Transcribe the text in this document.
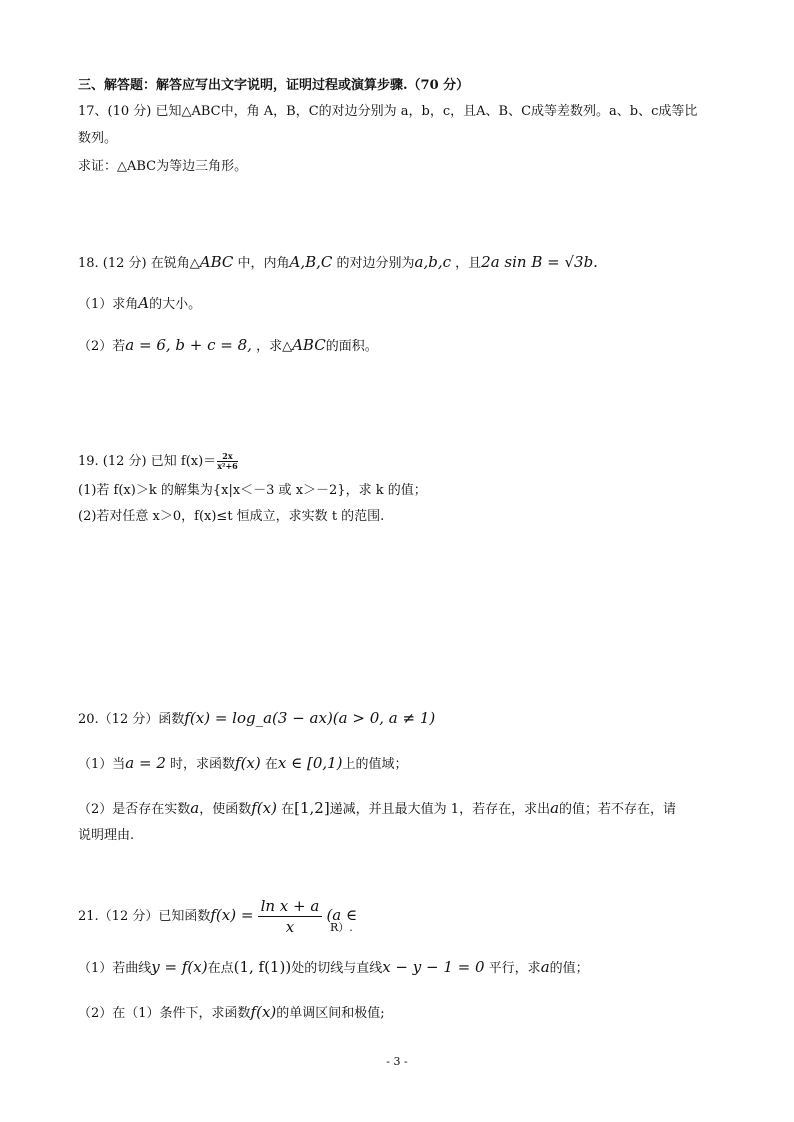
三、解答题：解答应写出文字说明，证明过程或演算步骤.（70 分）
17、(10 分) 已知△ABC中，角 A，B，C的对边分别为 a，b，c，且A、B、C成等差数列。a、b、c成等比
数列。
求证：△ABC为等边三角形。
18. (12 分) 在锐角△ABC 中，内角A,B,C 的对边分别为a,b,c ，且2a sin B = √3b.
（1）求角A的大小。
（2）若a = 6, b + c = 8, ，求△ABC的面积。
19. (12 分) 已知 $f(x)= \frac{2x}{\text{x²+6}}$
(1)若 f(x)＞k 的解集为{x|x＜－3 或 x＞－2}，求 k 的值；
(2)若对任意 x＞0，f(x)≤t 恒成立，求实数 t 的范围.
20.（12 分）函数f(x) = log_a(3 − ax)(a > 0, a ≠ 1)
（1）当a = 2 时，求函数f(x) 在x ∈ [0,1)上的值域；
（2）是否存在实数a，使函数f(x) 在[1,2]递减，并且最大值为 1，若存在，求出a的值；若不存在，请
说明理由.
21.（12 分）已知函数$f(x) = \frac{\text{ln x + a}}{x} (a$ ∈
R）.
（1）若曲线y = f(x)在点(1, f(1))处的切线与直线x − y − 1 = 0 平行，求a的值；
（2）在（1）条件下，求函数f(x)的单调区间和极值;
- 3 -
